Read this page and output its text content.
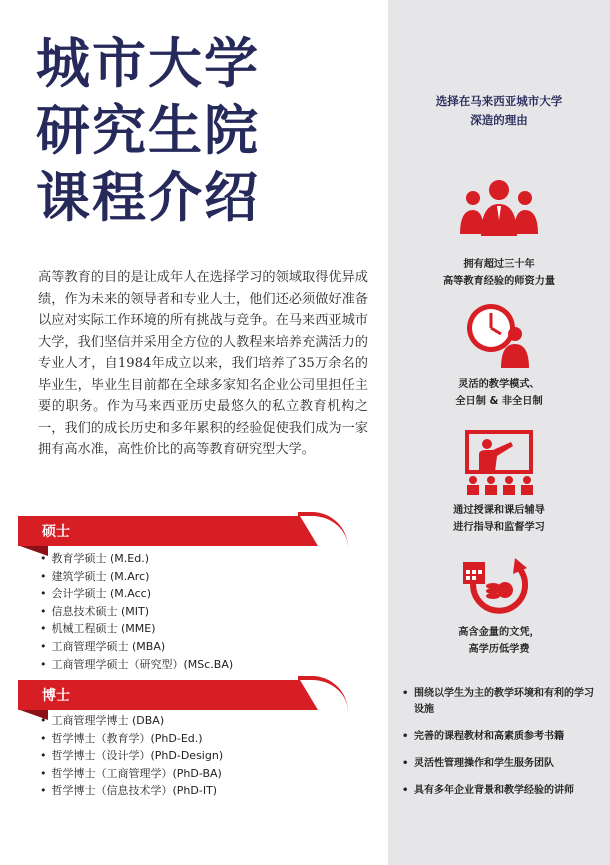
城市大学
研究生院
课程介绍

高等教育的目的是让成年人在选择学习的领域取得优异成绩，作为未来的领导者和专业人士，他们还必须做好准备以应对实际工作环境的所有挑战与竞争。在马来西亚城市大学，我们坚信并采用全方位的人教程来培养充满活力的专业人才，自1984年成立以来，我们培养了35万余名的毕业生，毕业生目前都在全球多家知名企业公司里担任主要的职务。作为马来西亚历史最悠久的私立教育机构之一，我们的成长历史和多年累积的经验促使我们成为一家拥有高水准，高性价比的高等教育研究型大学。

硕士
• 教育学硕士 (M.Ed.)
• 建筑学硕士 (M.Arc)
• 会计学硕士 (M.Acc)
• 信息技术硕士 (MIT)
• 机械工程硕士 (MME)
• 工商管理学硕士 (MBA)
• 工商管理学硕士（研究型）(MSc.BA)
博士
• 工商管理学博士 (DBA)
• 哲学博士（教育学）(PhD-Ed.)
• 哲学博士（设计学）(PhD-Design)
• 哲学博士（工商管理学）(PhD-BA)
• 哲学博士（信息技术学）(PhD-IT)
选择在马来西亚城市大学
深造的理由
拥有超过三十年
高等教育经验的师资力量
灵活的教学模式、
全日制 & 非全日制
通过授课和课后辅导
进行指导和监督学习
高含金量的文凭，
高学历低学费
• 围绕以学生为主的教学环境和有利的学习设施
• 完善的课程教材和高素质参考书籍
• 灵活性管理操作和学生服务团队
• 具有多年企业背景和教学经验的讲师
